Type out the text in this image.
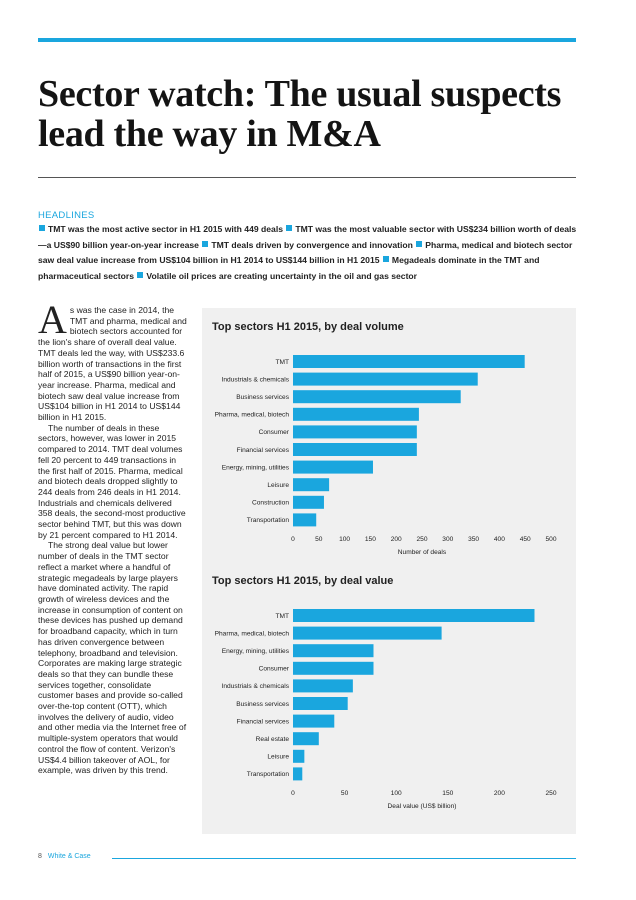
Sector watch: The usual suspects lead the way in M&A
HEADLINES
TMT was the most active sector in H1 2015 with 449 deals TMT was the most valuable sector with US$234 billion worth of deals—a US$90 billion year-on-year increase TMT deals driven by convergence and innovation Pharma, medical and biotech sector saw deal value increase from US$104 billion in H1 2014 to US$144 billion in H1 2015 Megadeals dominate in the TMT and pharmaceutical sectors Volatile oil prices are creating uncertainty in the oil and gas sector

As was the case in 2014, the TMT and pharma, medical and biotech sectors accounted for the lion's share of overall deal value. TMT deals led the way, with US$233.6 billion worth of transactions in the first half of 2015, a US$90 billion year-on-year increase. Pharma, medical and biotech saw deal value increase from US$104 billion in H1 2014 to US$144 billion in H1 2015.

The number of deals in these sectors, however, was lower in 2015 compared to 2014. TMT deal volumes fell 20 percent to 449 transactions in the first half of 2015. Pharma, medical and biotech deals dropped slightly to 244 deals from 246 deals in H1 2014. Industrials and chemicals delivered 358 deals, the second-most productive sector behind TMT, but this was down by 21 percent compared to H1 2014.

The strong deal value but lower number of deals in the TMT sector reflect a market where a handful of strategic megadeals by large players have dominated activity. The rapid growth of wireless devices and the increase in consumption of content on these devices has pushed up demand for broadband capacity, which in turn has driven convergence between telephony, broadband and television. Corporates are making large strategic deals so that they can bundle these services together, consolidate customer bases and provide so-called over-the-top content (OTT), which involves the delivery of audio, video and other media via the Internet free of multiple-system operators that would control the flow of content. Verizon's US$4.4 billion takeover of AOL, for example, was driven by this trend.

Top sectors H1 2015, by deal volume
TMT
Industrials & chemicals
Business services
Pharma, medical, biotech
Consumer
Financial services
Energy, mining, utilities
Leisure
Construction
Transportation
0	50	100 150 200 250 300 350 400 450 500
Number of deals
Top sectors H1 2015, by deal value
TMT
Pharma, medical, biotech
Energy, mining, utilities
Consumer
Industrials & chemicals
Business services
Financial services
Real estate
Leisure
Transportation
0	50	100	150	200	250
Deal value (US$ billion)
8 White & Case
